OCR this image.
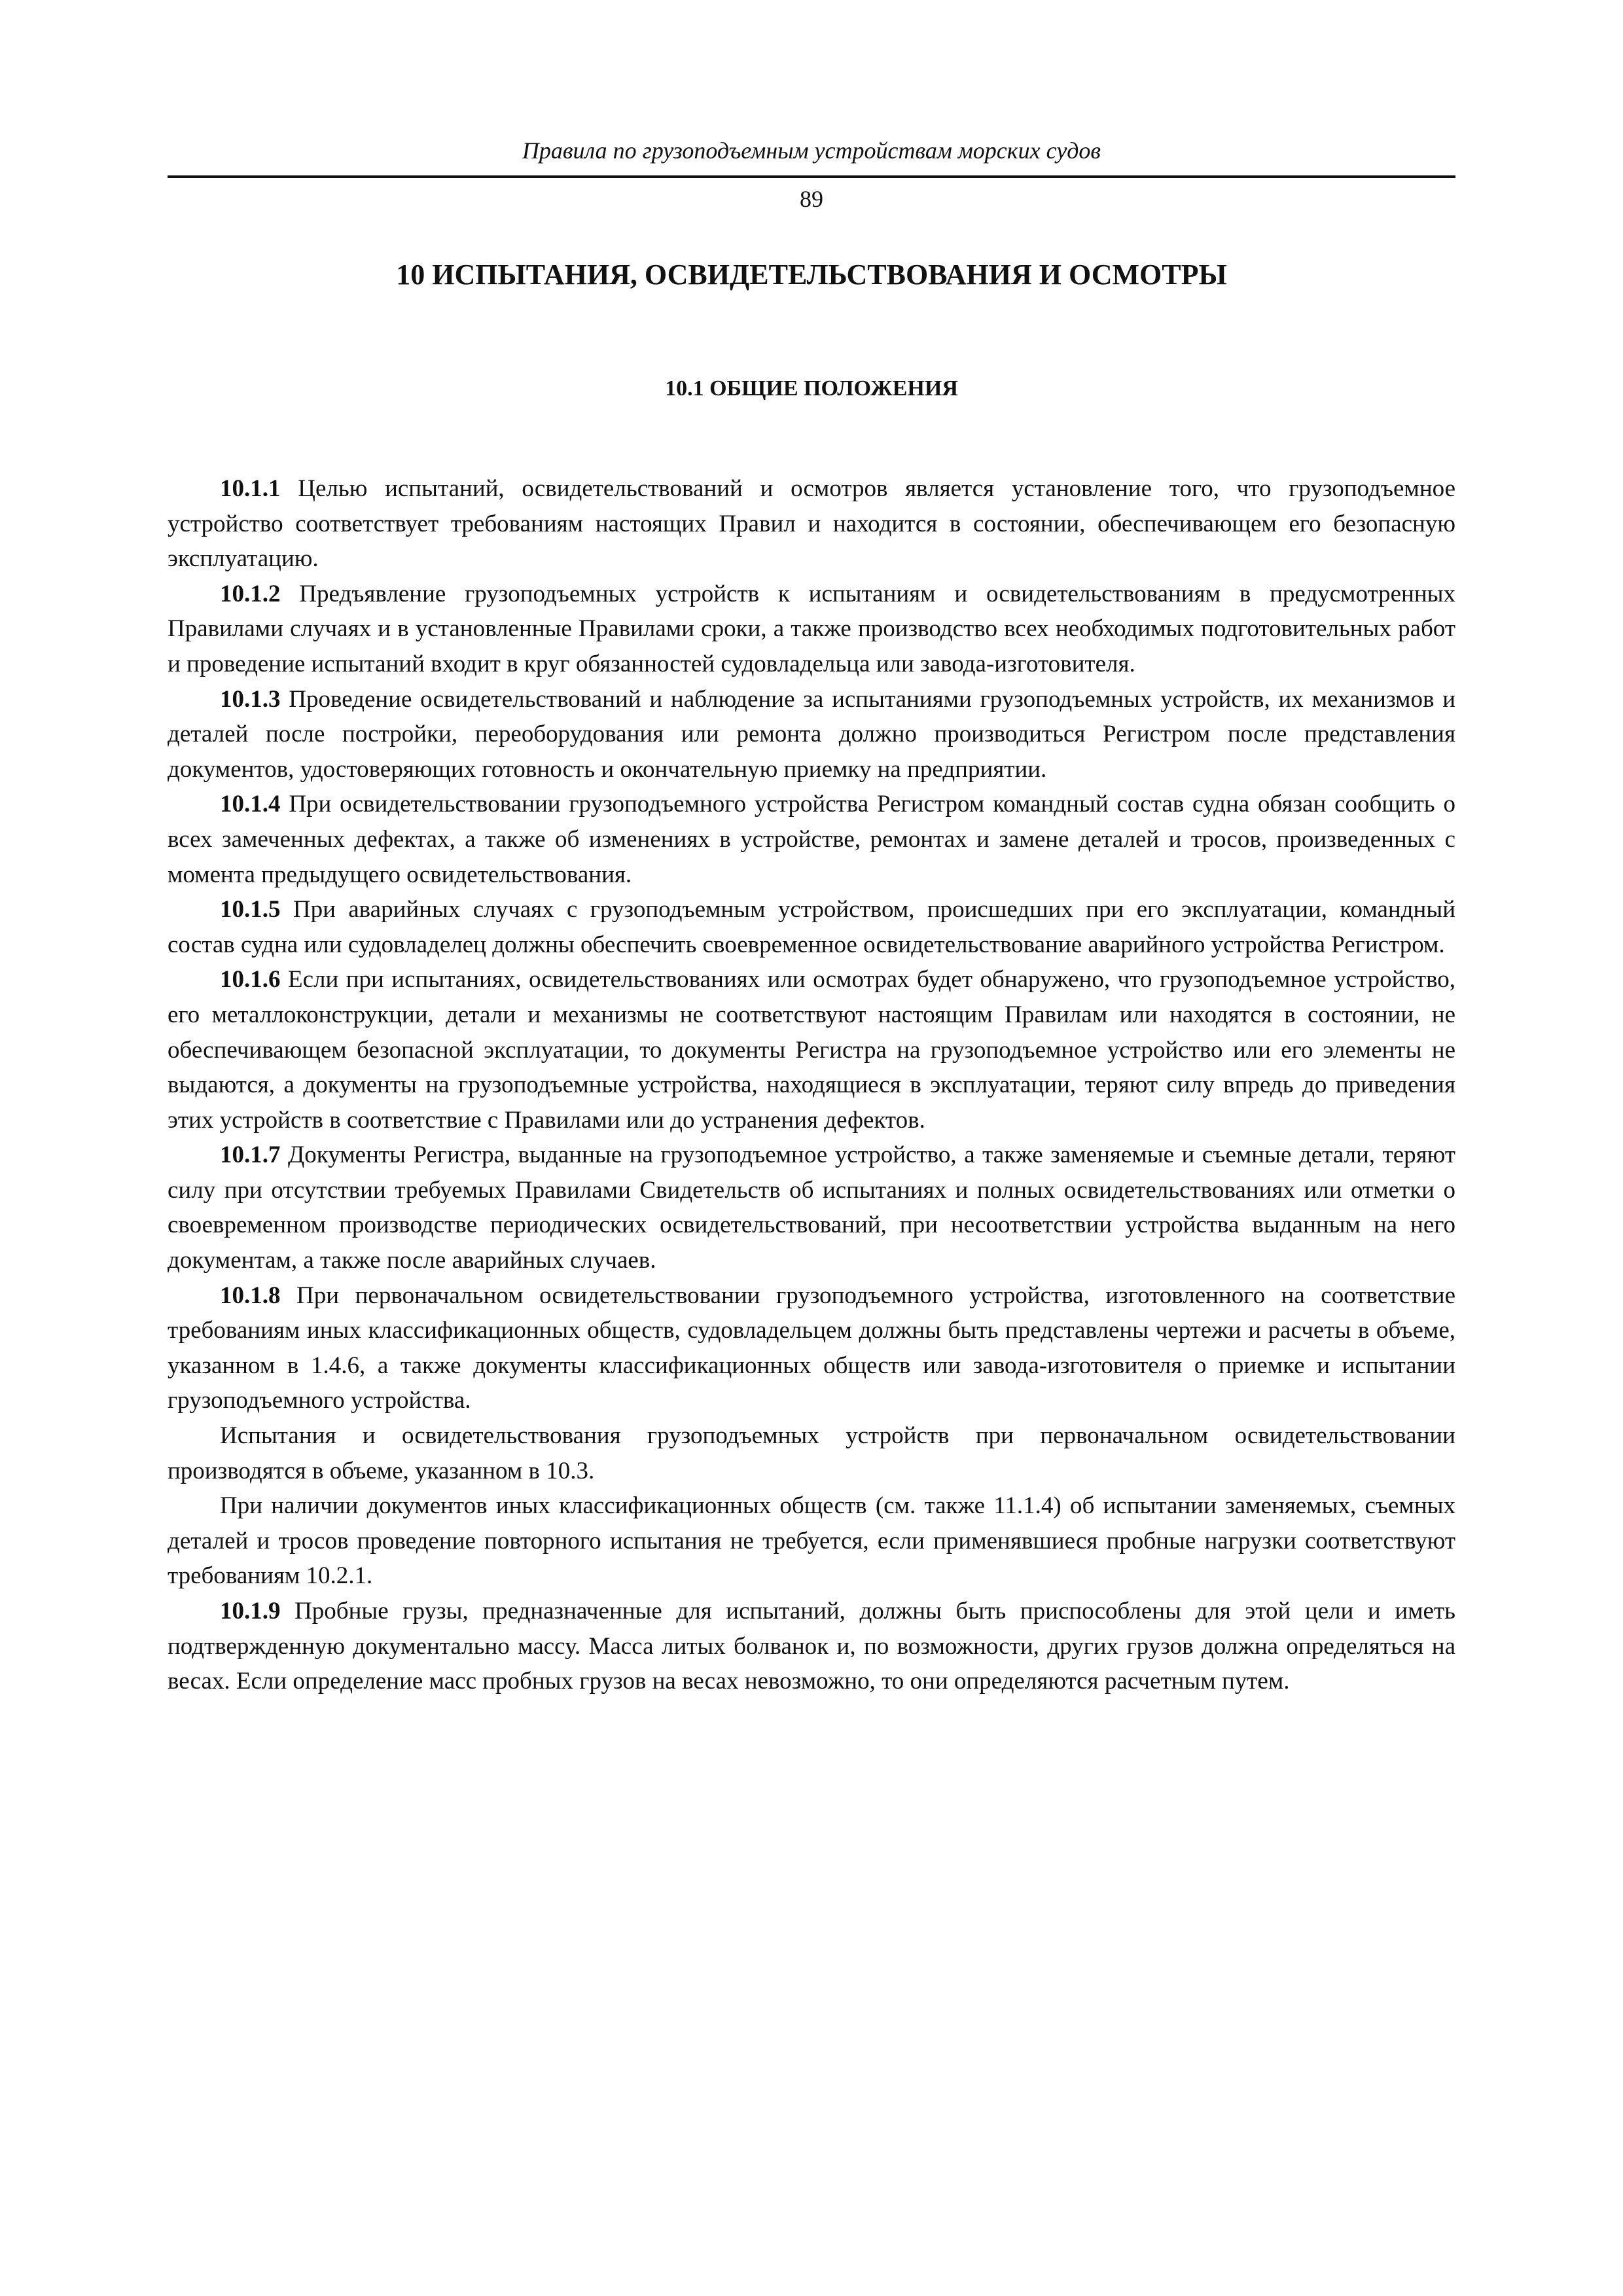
Правила по грузоподъемным устройствам морских судов
89
10 ИСПЫТАНИЯ, ОСВИДЕТЕЛЬСТВОВАНИЯ И ОСМОТРЫ
10.1 ОБЩИЕ ПОЛОЖЕНИЯ

10.1.1 Целью испытаний, освидетельствований и осмотров является установление того, что грузоподъемное устройство соответствует требованиям настоящих Правил и находится в состоянии, обеспечивающем его безопасную эксплуатацию.

10.1.2 Предъявление грузоподъемных устройств к испытаниям и освидетельствованиям в предусмотренных Правилами случаях и в установленные Правилами сроки, а также производство всех необходимых подготовительных работ и проведение испытаний входит в круг обязанностей судовладельца или завода-изготовителя.

10.1.3 Проведение освидетельствований и наблюдение за испытаниями грузоподъемных устройств, их механизмов и деталей после постройки, переоборудования или ремонта должно производиться Регистром после представления документов, удостоверяющих готовность и окончательную приемку на предприятии.

10.1.4 При освидетельствовании грузоподъемного устройства Регистром командный состав судна обязан сообщить о всех замеченных дефектах, а также об изменениях в устройстве, ремонтах и замене деталей и тросов, произведенных с момента предыдущего освидетельствования.

10.1.5 При аварийных случаях с грузоподъемным устройством, происшедших при его эксплуатации, командный состав судна или судовладелец должны обеспечить своевременное освидетельствование аварийного устройства Регистром.

10.1.6 Если при испытаниях, освидетельствованиях или осмотрах будет обнаружено, что грузоподъемное устройство, его металлоконструкции, детали и механизмы не соответствуют настоящим Правилам или находятся в состоянии, не обеспечивающем безопасной эксплуатации, то документы Регистра на грузоподъемное устройство или его элементы не выдаются, а документы на грузоподъемные устройства, находящиеся в эксплуатации, теряют силу впредь до приведения этих устройств в соответствие с Правилами или до устранения дефектов.

10.1.7 Документы Регистра, выданные на грузоподъемное устройство, а также заменяемые и съемные детали, теряют силу при отсутствии требуемых Правилами Свидетельств об испытаниях и полных освидетельствованиях или отметки о своевременном производстве периодических освидетельствований, при несоответствии устройства выданным на него документам, а также после аварийных случаев.

10.1.8 При первоначальном освидетельствовании грузоподъемного устройства, изготовленного на соответствие требованиям иных классификационных обществ, судовладельцем должны быть представлены чертежи и расчеты в объеме, указанном в 1.4.6, а также документы классификационных обществ или завода-изготовителя о приемке и испытании грузоподъемного устройства.

Испытания и освидетельствования грузоподъемных устройств при первоначальном освидетельствовании производятся в объеме, указанном в 10.3.

При наличии документов иных классификационных обществ (см. также 11.1.4) об испытании заменяемых, съемных деталей и тросов проведение повторного испытания не требуется, если применявшиеся пробные нагрузки соответствуют требованиям 10.2.1.

10.1.9 Пробные грузы, предназначенные для испытаний, должны быть приспособлены для этой цели и иметь подтвержденную документально массу. Масса литых болванок и, по возможности, других грузов должна определяться на весах. Если определение масс пробных грузов на весах невозможно, то они определяются расчетным путем.
